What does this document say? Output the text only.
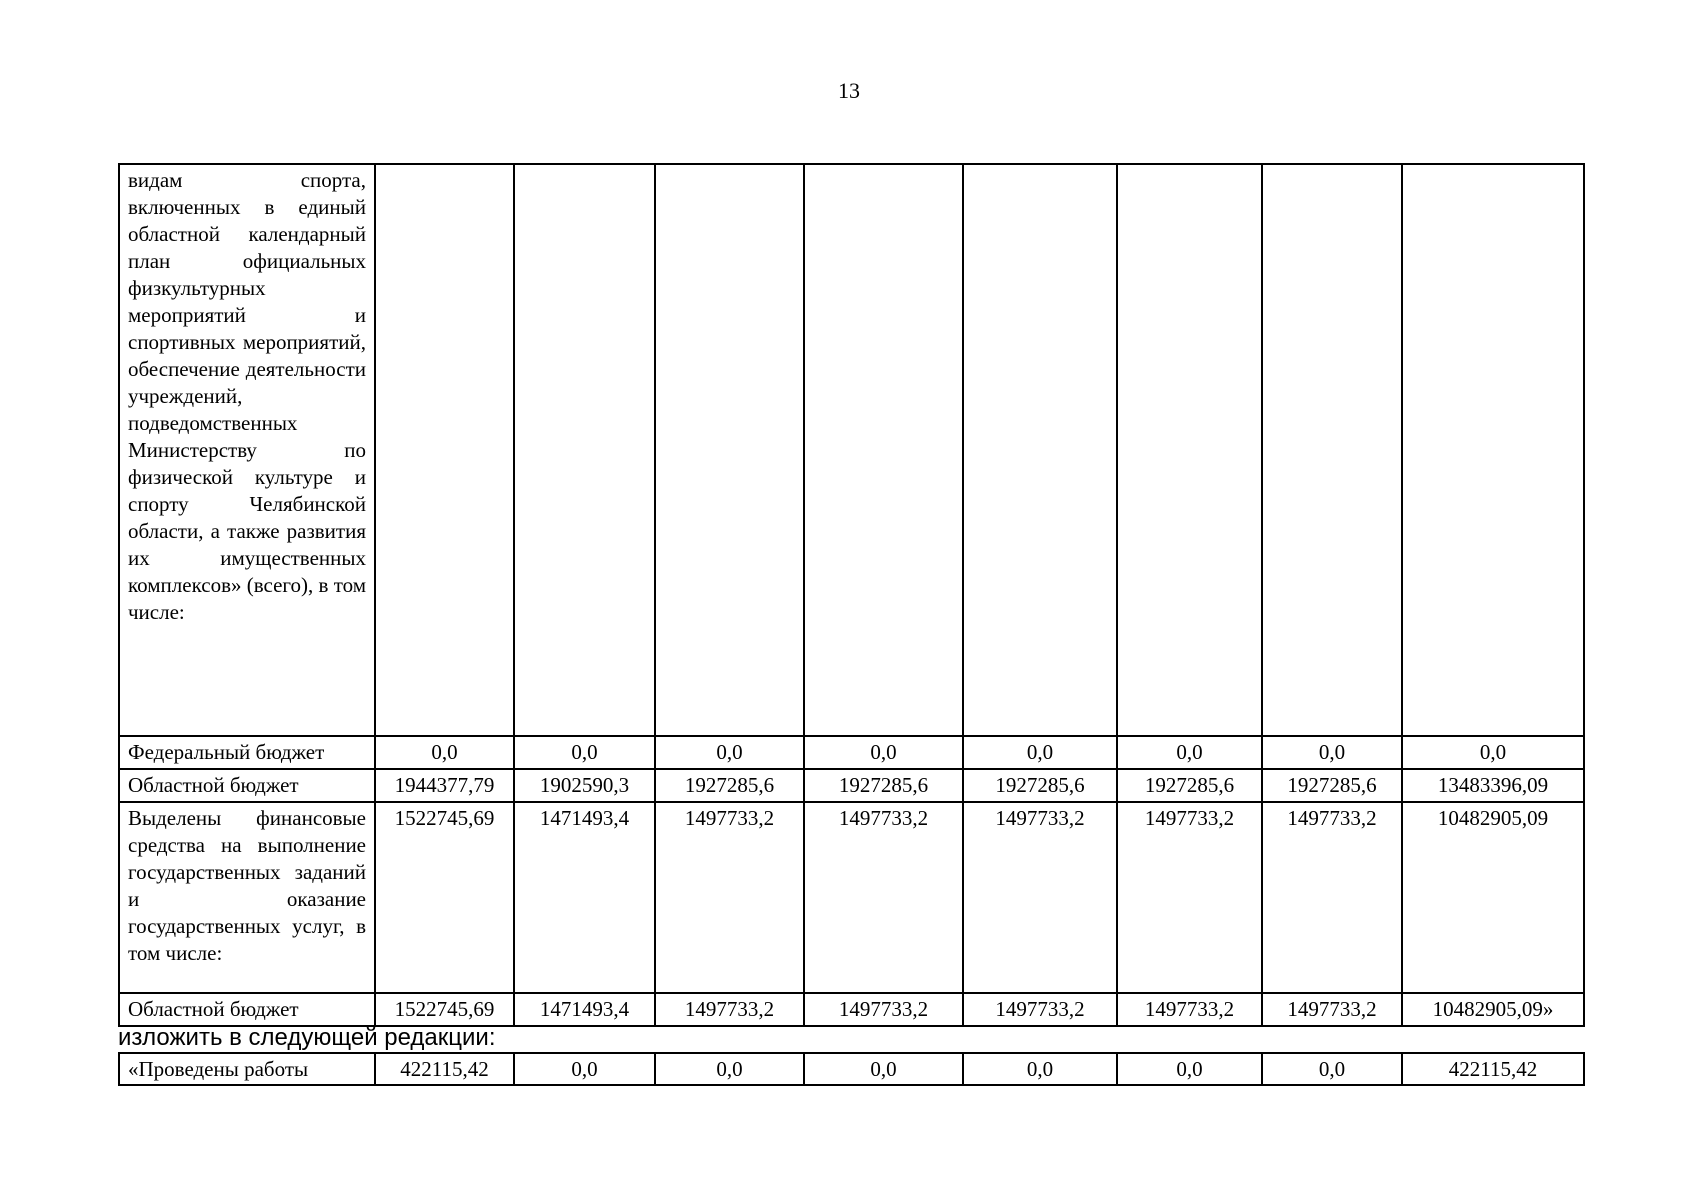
13
видам спорта, включенных в единый областной календарный план официальных физкультурных мероприятий и спортивных мероприятий, обеспечение деятельности учреждений, подведомственных Министерству по физической культуре и спорту Челябинской области, а также развития их имущественных комплексов» (всего), в том числе:								
Федеральный бюджет	0,0	0,0	0,0	0,0	0,0	0,0	0,0	0,0
Областной бюджет	1944377,79	1902590,3	1927285,6	1927285,6	1927285,6	1927285,6	1927285,6	13483396,09
Выделены финансовые средства на выполнение государственных заданий и оказание государственных услуг, в том числе:	1522745,69	1471493,4	1497733,2	1497733,2	1497733,2	1497733,2	1497733,2	10482905,09
Областной бюджет	1522745,69	1471493,4	1497733,2	1497733,2	1497733,2	1497733,2	1497733,2	10482905,09»
изложить в следующей редакции:
«Проведены работы	422115,42	0,0	0,0	0,0	0,0	0,0	0,0	422115,42
